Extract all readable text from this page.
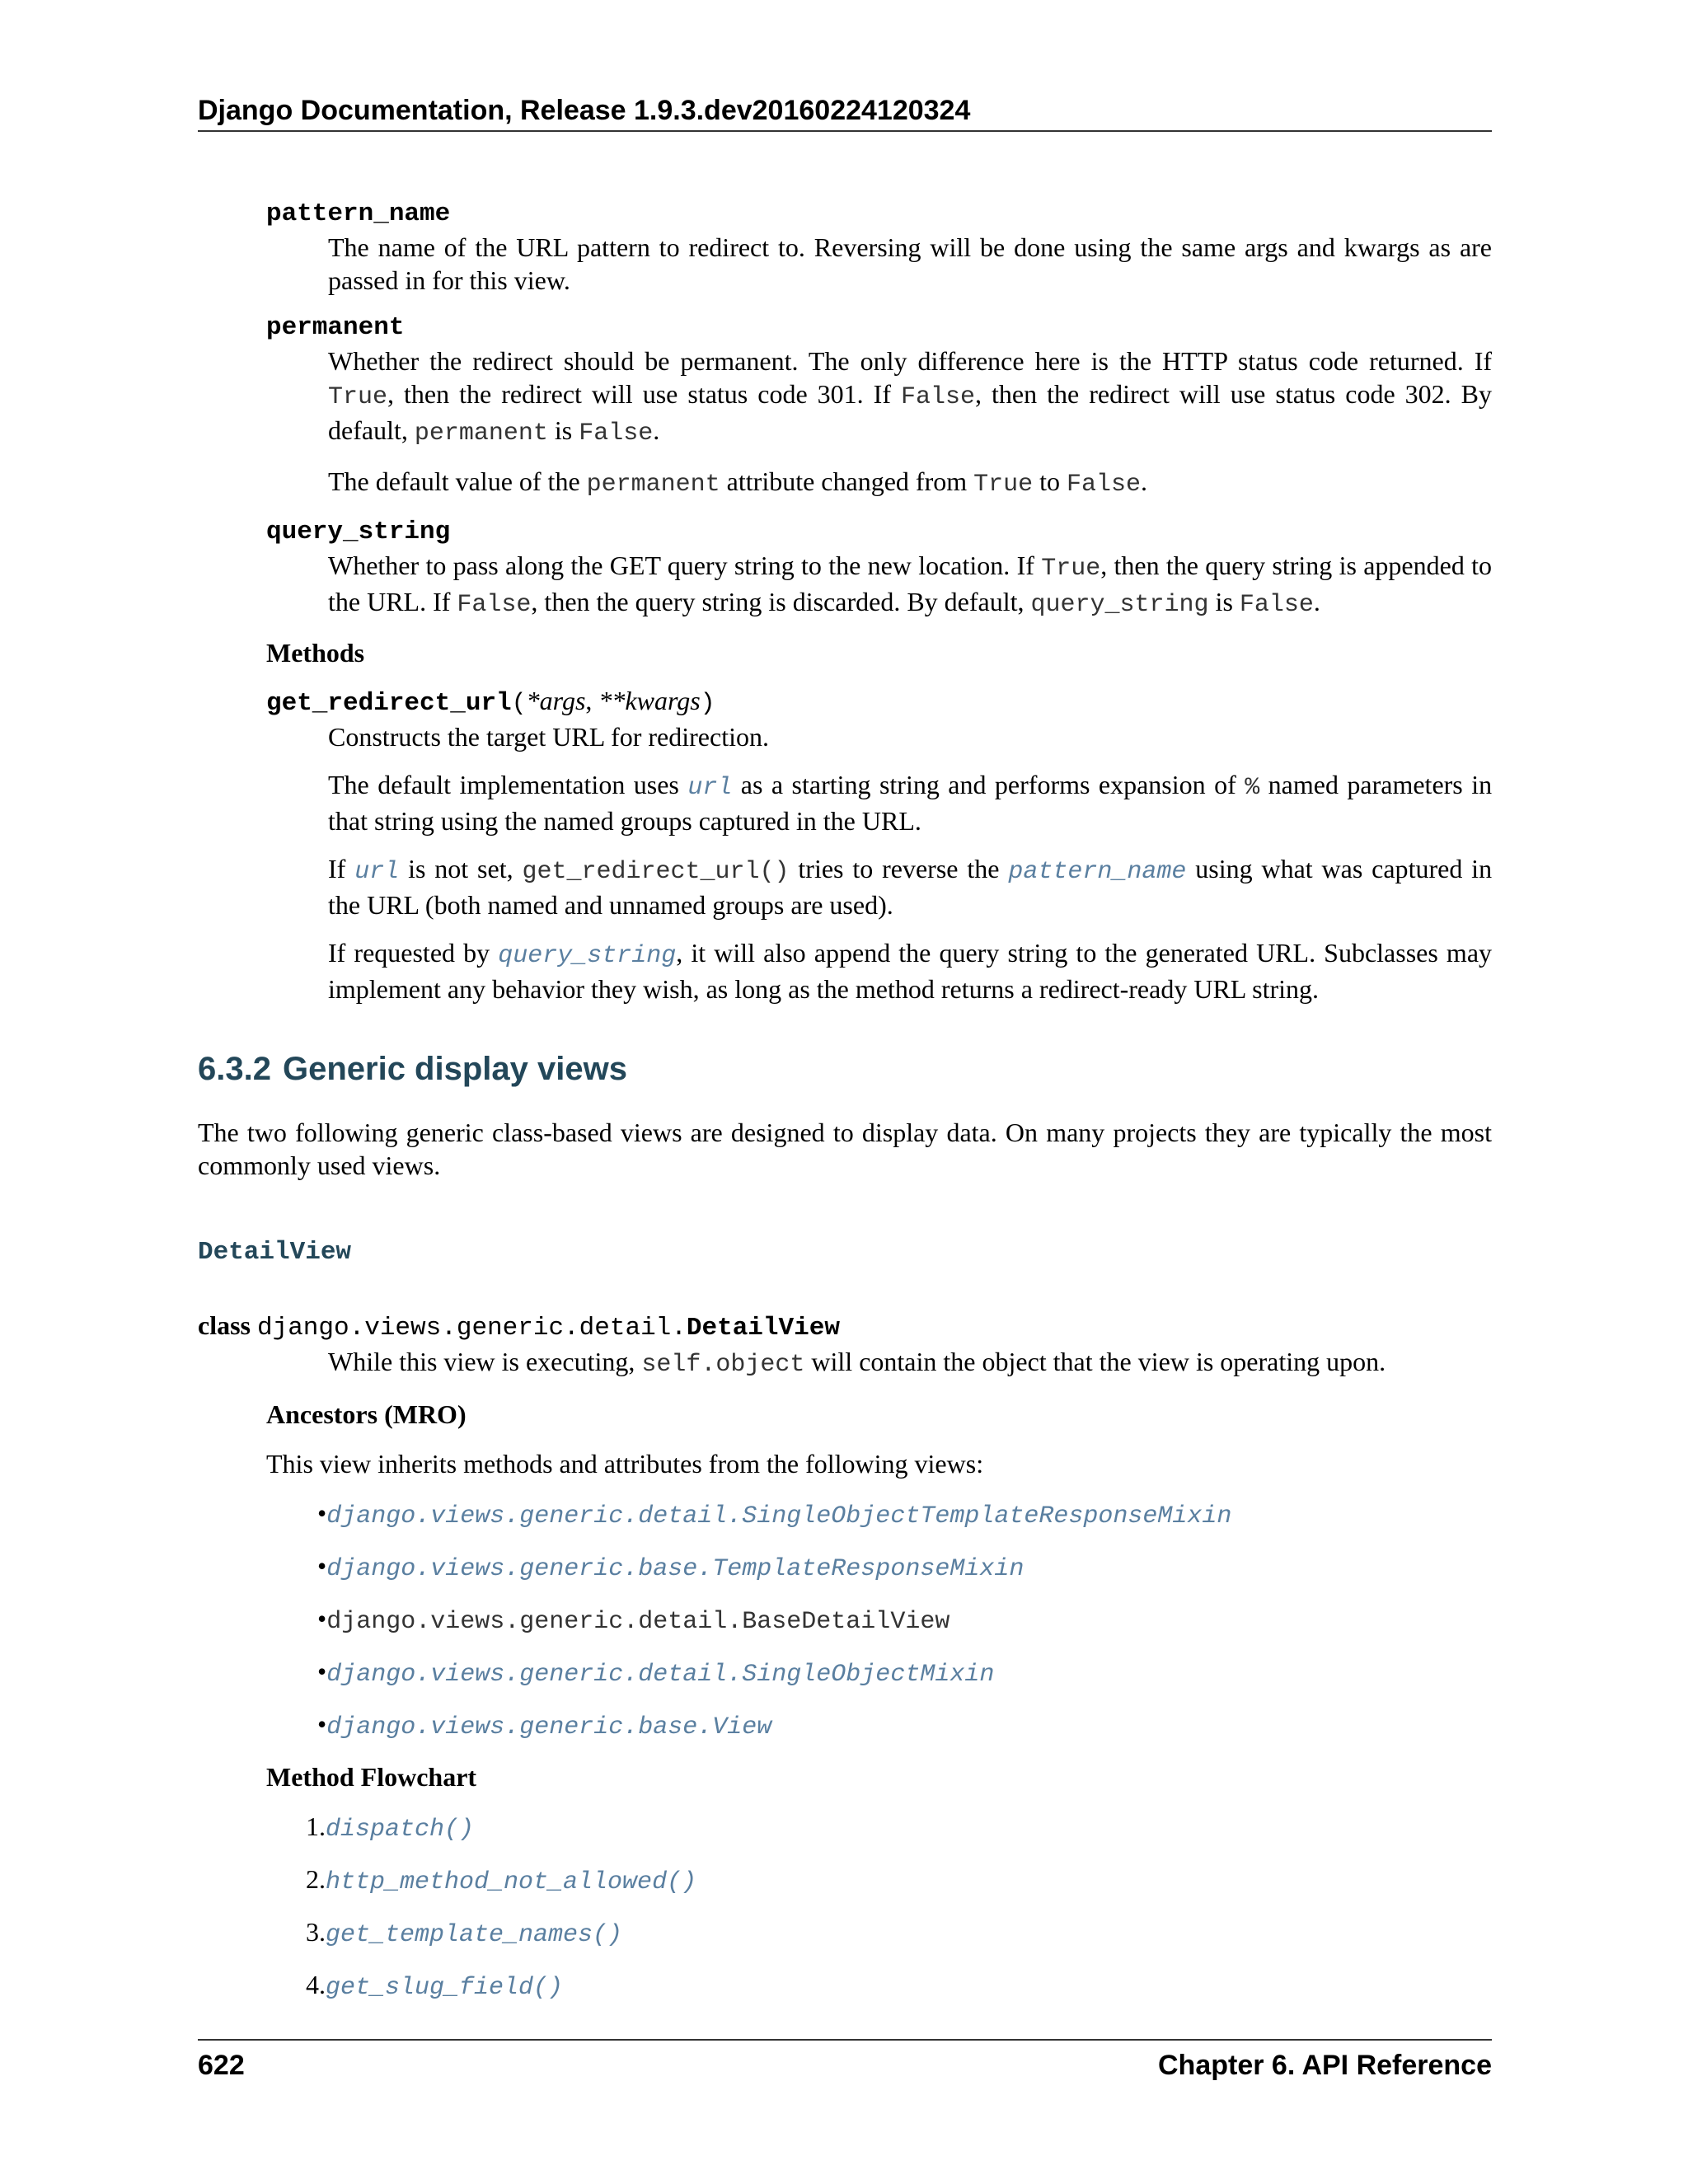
Django Documentation, Release 1.9.3.dev20160224120324
pattern_name

The name of the URL pattern to redirect to. Reversing will be done using the same args and kwargs as are passed in for this view.

permanent

Whether the redirect should be permanent. The only difference here is the HTTP status code returned. If True, then the redirect will use status code 301. If False, then the redirect will use status code 302. By default, permanent is False.

The default value of the permanent attribute changed from True to False.

query_string

Whether to pass along the GET query string to the new location. If True, then the query string is appended to the URL. If False, then the query string is discarded. By default, query_string is False.

Methods

get_redirect_url(*args, **kwargs)

Constructs the target URL for redirection.

The default implementation uses url as a starting string and performs expansion of % named parameters in that string using the named groups captured in the URL.

If url is not set, get_redirect_url() tries to reverse the pattern_name using what was captured in the URL (both named and unnamed groups are used).

If requested by query_string, it will also append the query string to the generated URL. Subclasses may implement any behavior they wish, as long as the method returns a redirect-ready URL string.

6.3.2 Generic display views

The two following generic class-based views are designed to display data. On many projects they are typically the most commonly used views.

DetailView

class django.views.generic.detail.DetailView

While this view is executing, self.object will contain the object that the view is operating upon.

Ancestors (MRO)

This view inherits methods and attributes from the following views:

•django.views.generic.detail.SingleObjectTemplateResponseMixin
•django.views.generic.base.TemplateResponseMixin
•django.views.generic.detail.BaseDetailView
•django.views.generic.detail.SingleObjectMixin
•django.views.generic.base.View

Method Flowchart

1.dispatch()
2.http_method_not_allowed()
3.get_template_names()
4.get_slug_field()
622	Chapter 6. API Reference
